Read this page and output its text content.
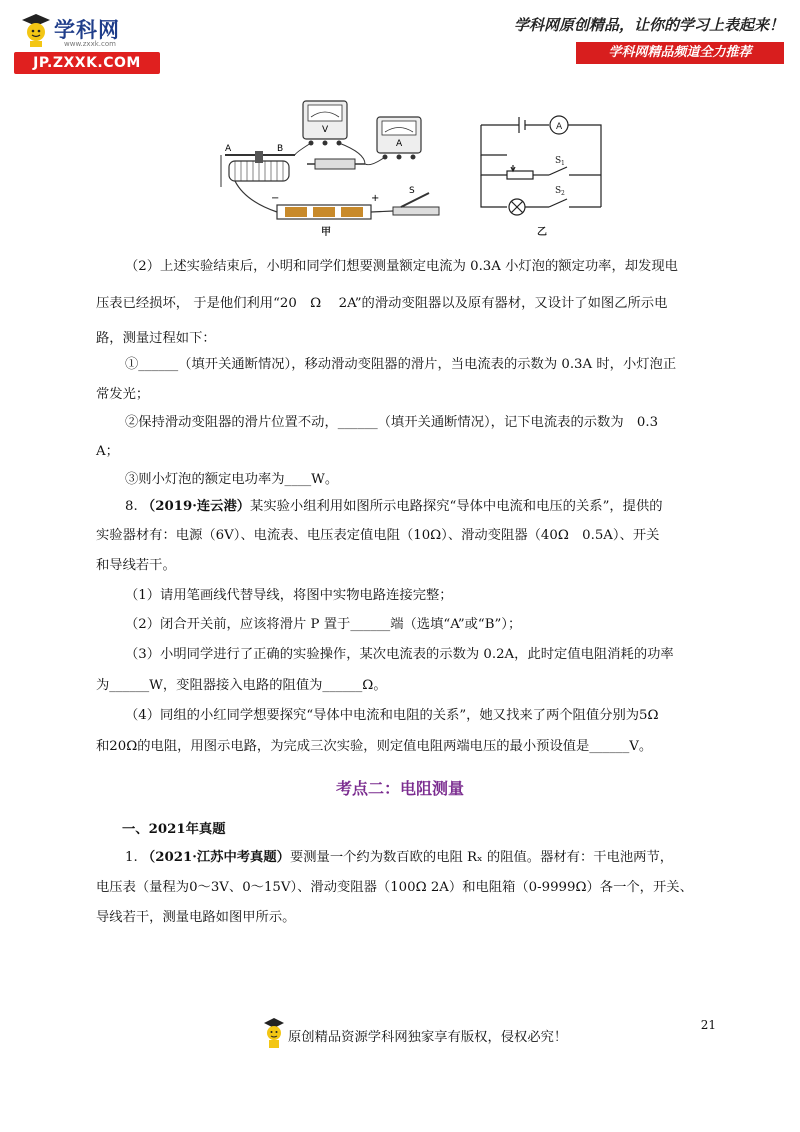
学科网
www.zxxk.com
JP.ZXXK.COM
学科网原创精品，让你的学习上表起来！
学科网精品频道全力推荐
V
A
A	B
−	+
S
甲
A
S 1
S 2
乙
（2）上述实验结束后，小明和同学们想要测量额定电流为 0.3A 小灯泡的额定功率，却发现电
压表已经损坏， 于是他们利用“20　Ω　 2A”的滑动变阻器以及原有器材，又设计了如图乙所示电
路，测量过程如下：
①______（填开关通断情况），移动滑动变阻器的滑片，当电流表的示数为 0.3A 时，小灯泡正
常发光；
②保持滑动变阻器的滑片位置不动，______（填开关通断情况），记下电流表的示数为　0.3
A；
③则小灯泡的额定电功率为____W。
8. （2019·连云港）某实验小组利用如图所示电路探究“导体中电流和电压的关系”，提供的
实验器材有：电源（6V）、电流表、电压表定值电阻（10Ω）、滑动变阻器（40Ω　0.5A）、开关
和导线若干。
（1）请用笔画线代替导线，将图中实物电路连接完整；
（2）闭合开关前，应该将滑片 P 置于______端（选填“A”或“B”）；
（3）小明同学进行了正确的实验操作，某次电流表的示数为 0.2A，此时定值电阻消耗的功率
为______W，变阻器接入电路的阻值为______Ω。
（4）同组的小红同学想要探究“导体中电流和电阻的关系”，她又找来了两个阻值分别为5Ω
和20Ω的电阻，用图示电路，为完成三次实验，则定值电阻两端电压的最小预设值是______V。
考点二：电阻测量
一、2021年真题
1. （2021·江苏中考真题）要测量一个约为数百欧的电阻 Rₓ 的阻值。器材有：干电池两节，
21
原创精品资源学科网独家享有版权，侵权必究！
电压表（量程为0～3V、0～15V）、滑动变阻器（100Ω 2A）和电阻箱（0-9999Ω）各一个，开关、
导线若干，测量电路如图甲所示。
